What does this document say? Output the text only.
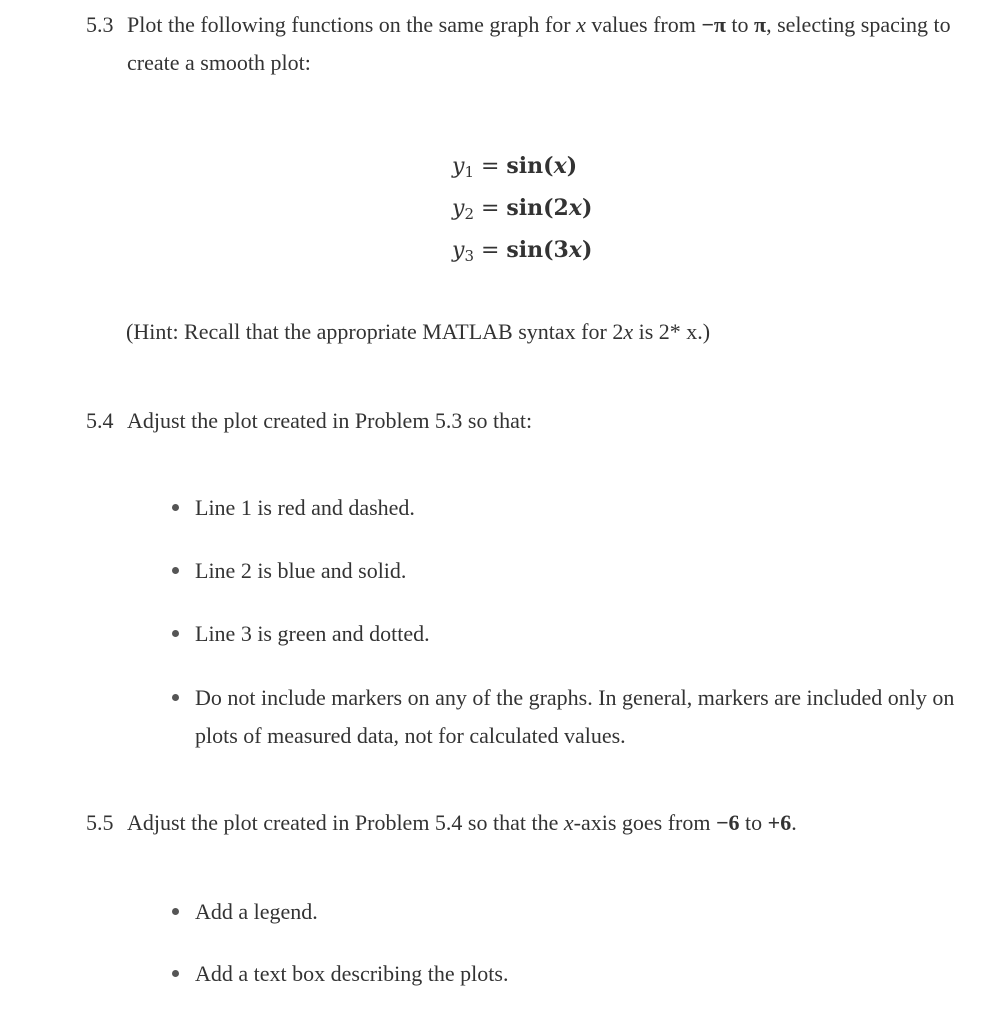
5.3 Plot the following functions on the same graph for x values from −π to π, selecting spacing to create a smooth plot:
$y_1 = \sin(x)$
$y_2 = \sin(2x)$
$y_3 = \sin(3x)$
(Hint: Recall that the appropriate MATLAB syntax for 2x is 2* x.)
5.4 Adjust the plot created in Problem 5.3 so that:
Line 1 is red and dashed.
Line 2 is blue and solid.
Line 3 is green and dotted.
Do not include markers on any of the graphs. In general, markers are included only on plots of measured data, not for calculated values.
5.5 Adjust the plot created in Problem 5.4 so that the x-axis goes from −6 to +6.
Add a legend.
Add a text box describing the plots.
